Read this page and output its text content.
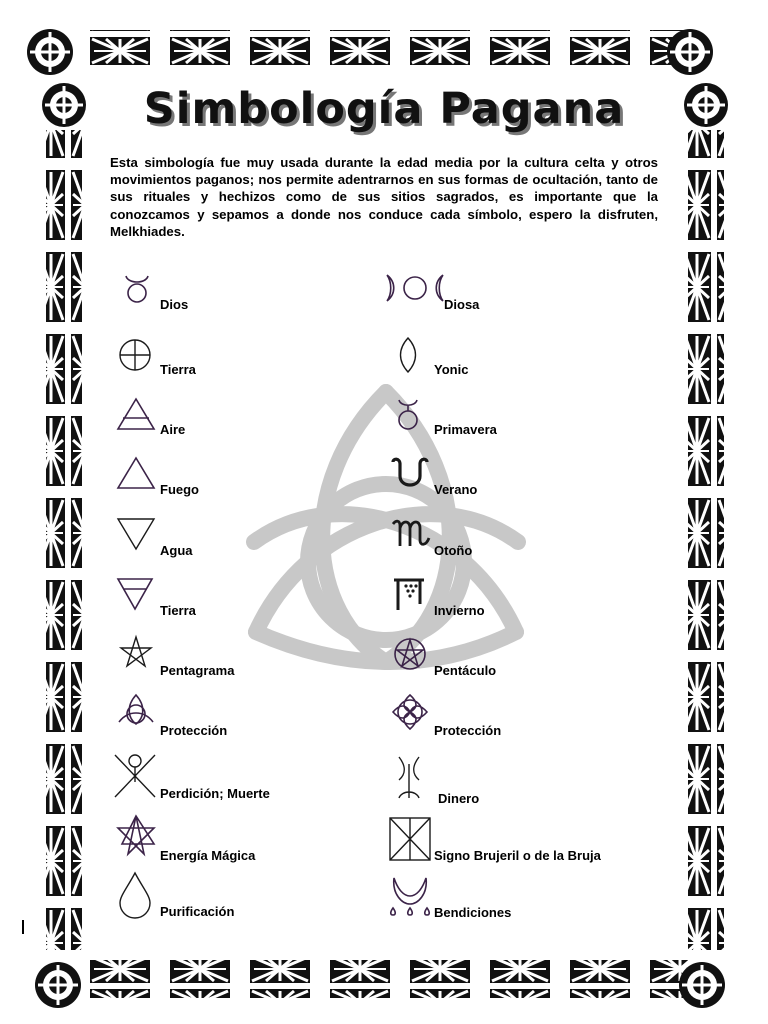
Simbología Pagana
Esta simbología fue muy usada durante la edad media por la cultura celta y otros movimientos paganos; nos permite adentrarnos en sus formas de ocultación, tanto de sus rituales y hechizos como de sus sitios sagrados, es importante que la conozcamos y sepamos a donde nos conduce cada símbolo, espero la disfruten, Melkhiades.
Dios
Tierra
Aire
Fuego
Agua
Tierra
Pentagrama
Protección
Perdición; Muerte
Energía Mágica
Purificación
Diosa
Yonic
Primavera
Verano
Otoño
Invierno
Pentáculo
Protección
Dinero
Signo Brujeril o de la Bruja
Bendiciones
